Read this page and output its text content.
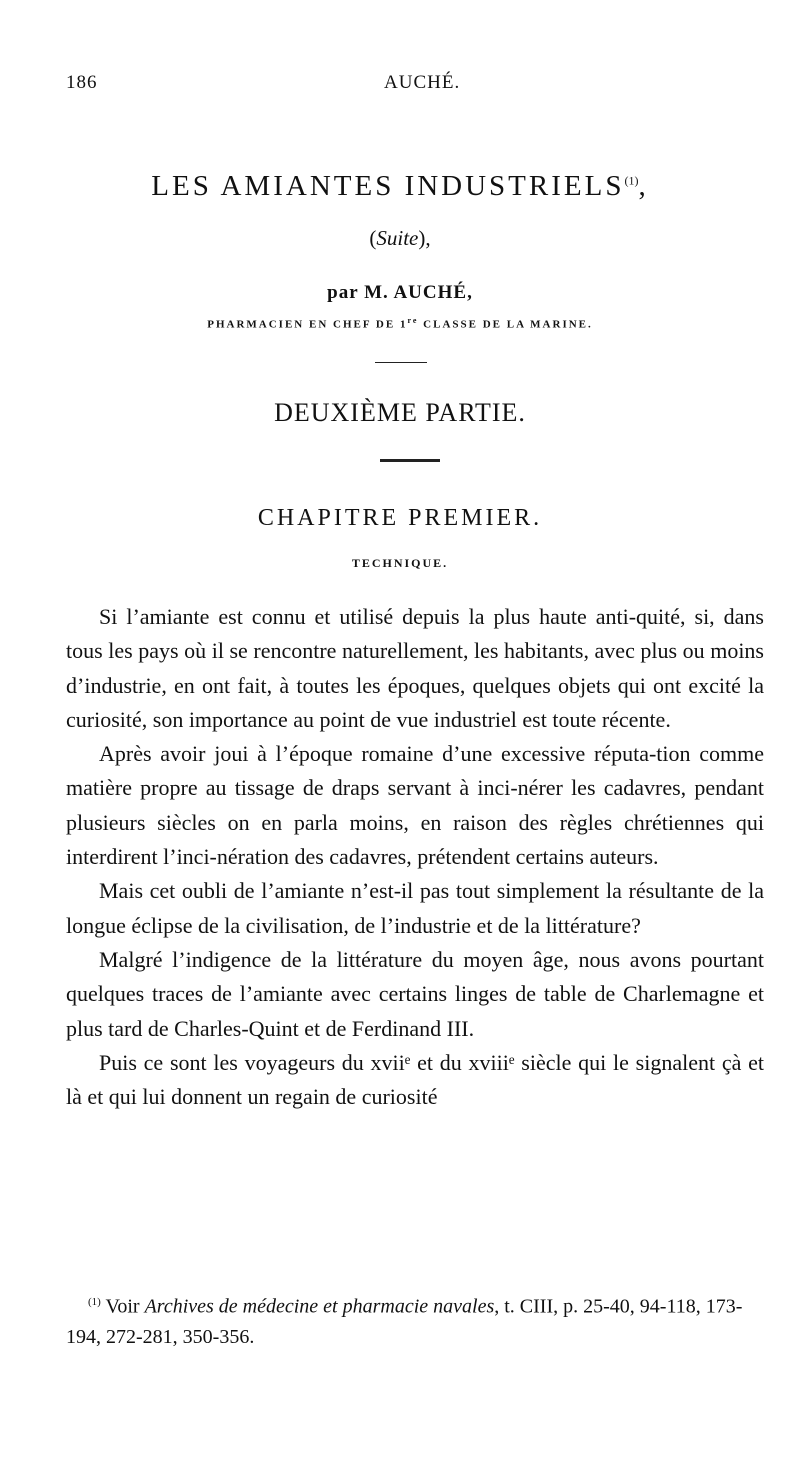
186	AUCHÉ.
LES AMIANTES INDUSTRIELS$^{(1)}$,
(Suite),
par M. AUCHÉ,
PHARMACIEN EN CHEF DE 1re CLASSE DE LA MARINE.
DEUXIÈME PARTIE.
CHAPITRE PREMIER.
TECHNIQUE.

Si l’amiante est connu et utilisé depuis la plus haute anti-quité, si, dans tous les pays où il se rencontre naturellement, les habitants, avec plus ou moins d’industrie, en ont fait, à toutes les époques, quelques objets qui ont excité la curiosité, son importance au point de vue industriel est toute récente.

Après avoir joui à l’époque romaine d’une excessive réputa-tion comme matière propre au tissage de draps servant à inci-nérer les cadavres, pendant plusieurs siècles on en parla moins, en raison des règles chrétiennes qui interdirent l’inci-nération des cadavres, prétendent certains auteurs.

Mais cet oubli de l’amiante n’est-il pas tout simplement la résultante de la longue éclipse de la civilisation, de l’industrie et de la littérature?

Malgré l’indigence de la littérature du moyen âge, nous avons pourtant quelques traces de l’amiante avec certains linges de table de Charlemagne et plus tard de Charles-Quint et de Ferdinand III.

Puis ce sont les voyageurs du xviiᵉ et du xviiiᵉ siècle qui le signalent çà et là et qui lui donnent un regain de curiosité

$^{(1)}$ Voir Archives de médecine et pharmacie navales, t. CIII, p. 25-40, 94-118, 173-194, 272-281, 350-356.
